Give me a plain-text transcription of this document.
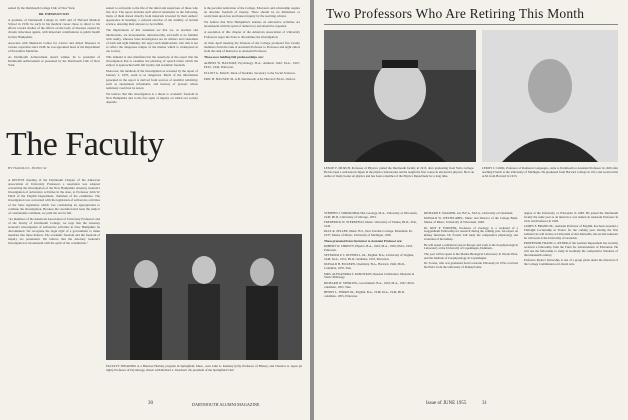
sented by the Dartmouth College Club of New York.

DR. EMERSON DAY

A graduate of Dartmouth College in 1935 and of Harvard Medical School in 1939, he early in his medical career chose to direct to his efforts toward studies of the effects on the body of diseases caused by chronic infectious agents, with important contributions to public health in New Hampshire.

Associate with Memorial Center for Cancer and Allied Diseases in various capacities since 1948, he was appointed head of the Department of Preventive Medicine.

As Dartmouth Achievement Award winner, he is president of Dartmouth Achievement as presented by the Dartmouth Club of New York.

The Faculty
BY HAROLD L. BOND '42

A RECENT meeting of the Dartmouth Chapter of the American Association of University Professors a resolution was adopted concerning the investigation of the New Hampshire Attorney General's investigation of subversive activities in the state, to Professor John W. Finch of the English Department, chairman of the committee. The investigation was concerned with the legislation of subversive activities of the State legislature which was considering an appropriation to continue the investigation. Because the resolution had been the subject of considerable comment, we print the text in full.

"As members of the American Association of University Professors and of the faculty of Dartmouth College, we urge that the Attorney General's investigation of subversive activities in New Hampshire be discontinued. We recognize the legal right of a government to make inquiries into these matters. The academic freedom and the freedom of inquiry are paramount. We believe that the Attorney General's investigation is inconsistent with the spirit of the constitution."

sented to an hostile to the life of the mind and suspicious of those who live in it. The report includes such ethical statements as the following, many of them drawn directly from materials revealed by their authors' appearance in hearings, a reduced exercise of the stability of normal science, ensuring their answers to be truthful.

The implications of this statement are that we, as teachers and intellectuals, are irresponsible, untrustworthy, and unfit to be familiar with reality, whereas State investigators are its arbiters and custodians of truth and right thinking. We reject such implications. Our aim is not to reflect the dangerous temper of the market which is widespread in our society.

This demand is also manifested in the assertions of the report that the investigation had to examine the phrasing of speech under which the subject is approached with full loyalty and academic freedom.

Moreover, the methods of the investigation as revealed by the report of January 5, 1955, seem to us dangerous. Much of the information presented in the report is derived from sources of doubtful reliability, such as anonymous informants, and hearsay of persons whose testimony could not be tested.

We believe that this investigation is a threat to academic freedom in New Hampshire and to the free spirit of inquiry on which our society depends.

is the peculiar dedication of the College. Educators and scholarship require an absolute freedom of inquiry. There should be no limitations or restrictions upon free and honest inquiry by the teaching scholar.

We believe that New Hampshire's statutes on subversive activities are inconsistent with the spirit of democracy and should be repealed.

A resolution of this chapter of the American Association of University Professors urges the State to discontinue the investigation.

At their April meeting the Trustees of the College promoted five faculty members from the rank of Assistant Professor to Professor and eight others from the rank of Instructor to Assistant Professor.

Those now holding full professorships are:

ALBERT H. HASTORF, Psychology. B.A., Amherst 1942; M.A., 1947; Ph.D., 1949, Princeton.

ELLIOT G. MACE, Dean of Students, Secretary to the Social Sciences.

ERIC H. HAUSER '26, A.B. Dartmouth; A.M. Harvard; B.Litt. Oxford.

FACULTY SPEAKERS at a Hanover Holiday program in Springfield, Mass., were John G. Kemeny (left), Professor of History, and Clarence A. Ayres (at right), Professor of Psychology, shown with Richard L. Dearborn '26, president of the Springfield Club.
30	DARTMOUTH ALUMNI MAGAZINE
Two Professors Who Are Retiring This Month
LESLIE F. MURCH, Professor of Physics, joined the Dartmouth faculty in 1915, after graduating from Yarlo College. He has been a well-known figure in the physics laboratories and he taught the first course in electronics physics. He is an author of many books on physics and has been a member of the Physics Department for a long time.
LEROY I. COOK, Professor of Romance Languages, came to Dartmouth at Assistant Professor in 1920 after teaching French at the University of Michigan. He graduated from Harvard College in 1911 and received his A.M. from Harvard in 1913.
STEPHEN J. SOROKOBALSKI, Geology. M.A., University of Wisconsin, 1940; Ph.D., University of Chicago, 1953.
FREDERICK W. STERNFELD, Music. University of Vienna; Ph.D., Yale, 1943.
PAUL R. ZELLER, Music. B.S., New Teachers College, Mansfield, Pa. 1937; Master of Music, University of Michigan, 1939.
Those promoted from Instructor to Assistant Professor are:
ROBERT W. CHRISTY, Physics. B.A., 1943; M.A., 1950; Ph.D., 1953, Princeton.
SEYMOUR P. T. DUNNELL, JR., English. B.A., University of Virginia, 1948; M.A., 1951; Ph.D. candidate, 1955, Princeton.
DONALD H. ED KERN, Chemistry. B.A., Harvard, 1946; Ph.D., Columbia, 1955, Yale.
MRS. ALEXANDRA T. KOROTKOV, Russian Civilization. Diploma in Slavic Philology.
RICHARD W. STERLING, Government. B.A., 1943; M.A., 1947; Ph.D. candidate, 1955, Yale.
HENRY L. TERRIE JR., English. B.A., 1948; M.A., 1949; Ph.D. candidate, 1955, Princeton.
RICHARD E. WAGNER, Art. B.F.A., M.F.A., University of Cincinnati.
DONALD W. WESTELABEL, Music and Director of the College Band. Master of Music, University of Wisconsin, 1948.
Dr. ROY P. FORSTER, Professor of Zoology, is a recipient of a Guggenheim Fellowship for research during the coming year. An expert on kidney functions, Dr. Forster will study the comparative physiology and evolution of the kidney.
He will spend a sabbatical year in Europe and work at the Zoophysiological Laboratory at the University of Copenhagen, Denmark.
The year will be spent at the Marine Biological Laboratory in Woods Hole, and the Institute of Zoophysiology in Copenhagen.
Dr. Forster, who was graduated from Colorado University in 1932, received his Ph.D. from the University of Pennsylvania.
degree at the University of Wisconsin in 1948. He joined the Dartmouth faculty the same year as an instructor, was named an Assistant Professor in 1941 and Professor in 1948.
JAMES F. BRAND JR., Assistant Professor of English, has been awarded a Fulbright Lectureship in France for the coming year. During the first semester he will lecture at Université of Aix-Marseille, the second semester he will teach at the University of Grenoble.
PROFESSOR FRANK G. RYDER of the German Department has recently received a fellowship from the Fund for Advancement of Education. He will use the fellowship to study in Germany the comparative literature of the nineteenth century.
Professor Ryder's fellowship is one of a group given under the direction of the College Commission on Liberal Arts.
Issue of JUNE 1955	31
